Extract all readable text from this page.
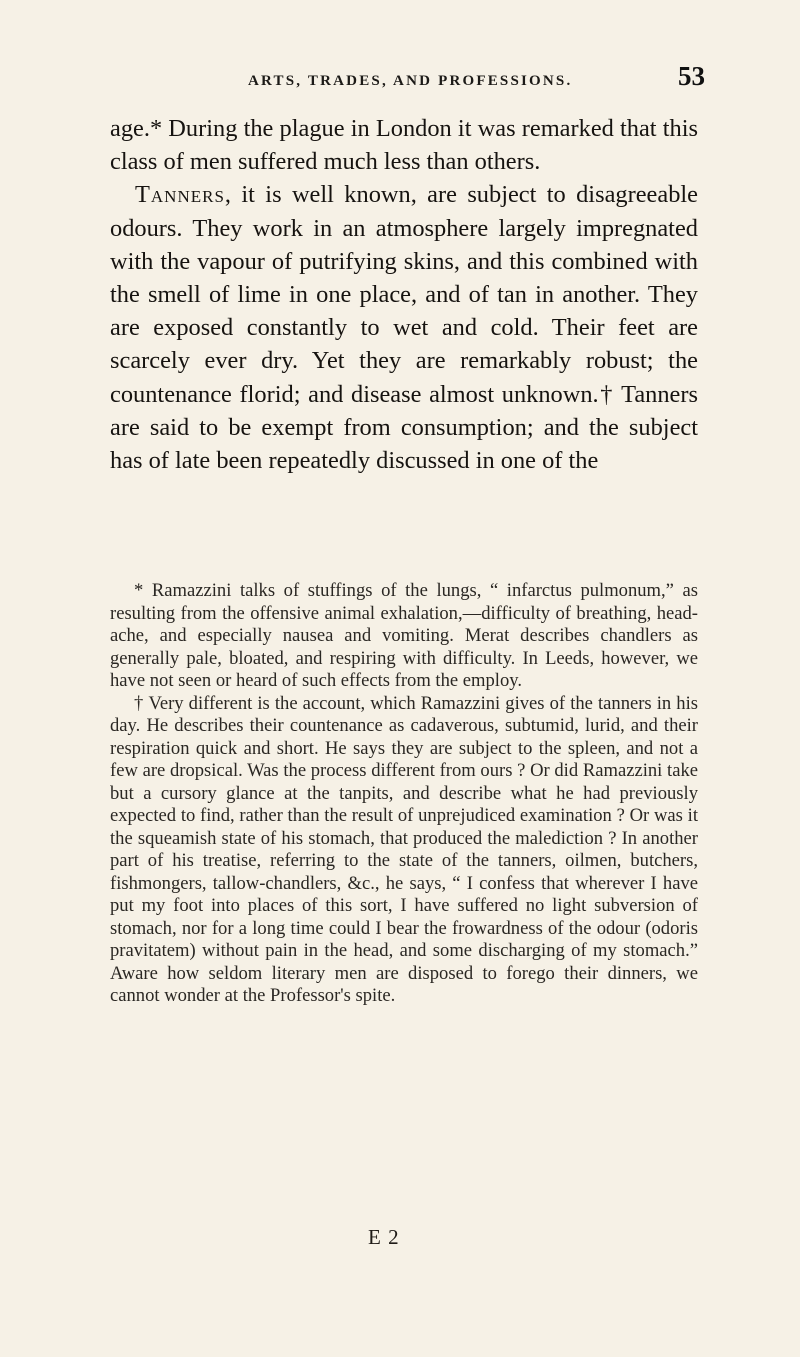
ARTS, TRADES, AND PROFESSIONS.	53

age.* During the plague in London it was remarked that this class of men suffered much less than others.

Tanners, it is well known, are subject to disagreeable odours. They work in an atmosphere largely impregnated with the vapour of putrifying skins, and this combined with the smell of lime in one place, and of tan in another. They are exposed constantly to wet and cold. Their feet are scarcely ever dry. Yet they are remarkably robust; the countenance florid; and disease almost unknown.† Tanners are said to be exempt from consumption; and the subject has of late been repeatedly discussed in one of the

* Ramazzini talks of stuffings of the lungs, “ infarctus pulmonum,” as resulting from the offensive animal exhalation,—difficulty of breathing, head-ache, and especially nausea and vomiting. Merat describes chandlers as generally pale, bloated, and respiring with difficulty. In Leeds, however, we have not seen or heard of such effects from the employ.

† Very different is the account, which Ramazzini gives of the tanners in his day. He describes their countenance as cadaverous, subtumid, lurid, and their respiration quick and short. He says they are subject to the spleen, and not a few are dropsical. Was the process different from ours ? Or did Ramazzini take but a cursory glance at the tanpits, and describe what he had previously expected to find, rather than the result of unprejudiced examination ? Or was it the squeamish state of his stomach, that produced the malediction ? In another part of his treatise, referring to the state of the tanners, oilmen, butchers, fishmongers, tallow-chandlers, &c., he says, “ I confess that wherever I have put my foot into places of this sort, I have suffered no light subversion of stomach, nor for a long time could I bear the frowardness of the odour (odoris pravitatem) without pain in the head, and some discharging of my stomach.” Aware how seldom literary men are disposed to forego their dinners, we cannot wonder at the Professor's spite.

E 2
